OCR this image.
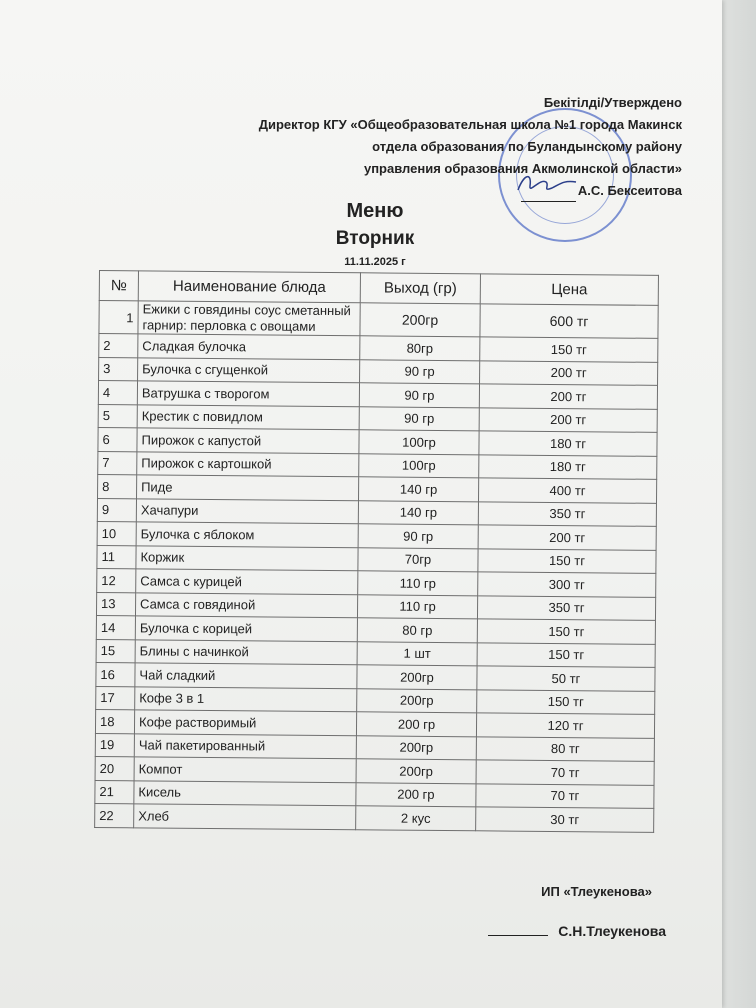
Бекітілді/Утверждено
Директор КГУ «Общеобразовательная школа №1 города Макинск
отдела образования по Буландынскому району
управления образования Акмолинской области»
А.С. Бексеитова
Меню
Вторник
11.11.2025 г
№	Наименование блюда	Выход (гр)	Цена
1	Ежики с говядины соус сметанный гарнир: перловка с овощами	200гр	600 тг
2	Сладкая булочка	80гр	150 тг
3	Булочка с сгущенкой	90 гр	200 тг
4	Ватрушка с творогом	90 гр	200 тг
5	Крестик с повидлом	90 гр	200 тг
6	Пирожок с капустой	100гр	180 тг
7	Пирожок с картошкой	100гр	180 тг
8	Пиде	140 гр	400 тг
9	Хачапури	140 гр	350 тг
10	Булочка с яблоком	90 гр	200 тг
11	Коржик	70гр	150 тг
12	Самса с курицей	110 гр	300 тг
13	Самса с говядиной	110 гр	350 тг
14	Булочка с корицей	80 гр	150 тг
15	Блины с начинкой	1 шт	150 тг
16	Чай сладкий	200гр	50 тг
17	Кофе 3 в 1	200гр	150 тг
18	Кофе растворимый	200 гр	120 тг
19	Чай пакетированный	200гр	80 тг
20	Компот	200гр	70 тг
21	Кисель	200 гр	70 тг
22	Хлеб	2 кус	30 тг
ИП «Тлеукенова»
С.Н.Тлеукенова
